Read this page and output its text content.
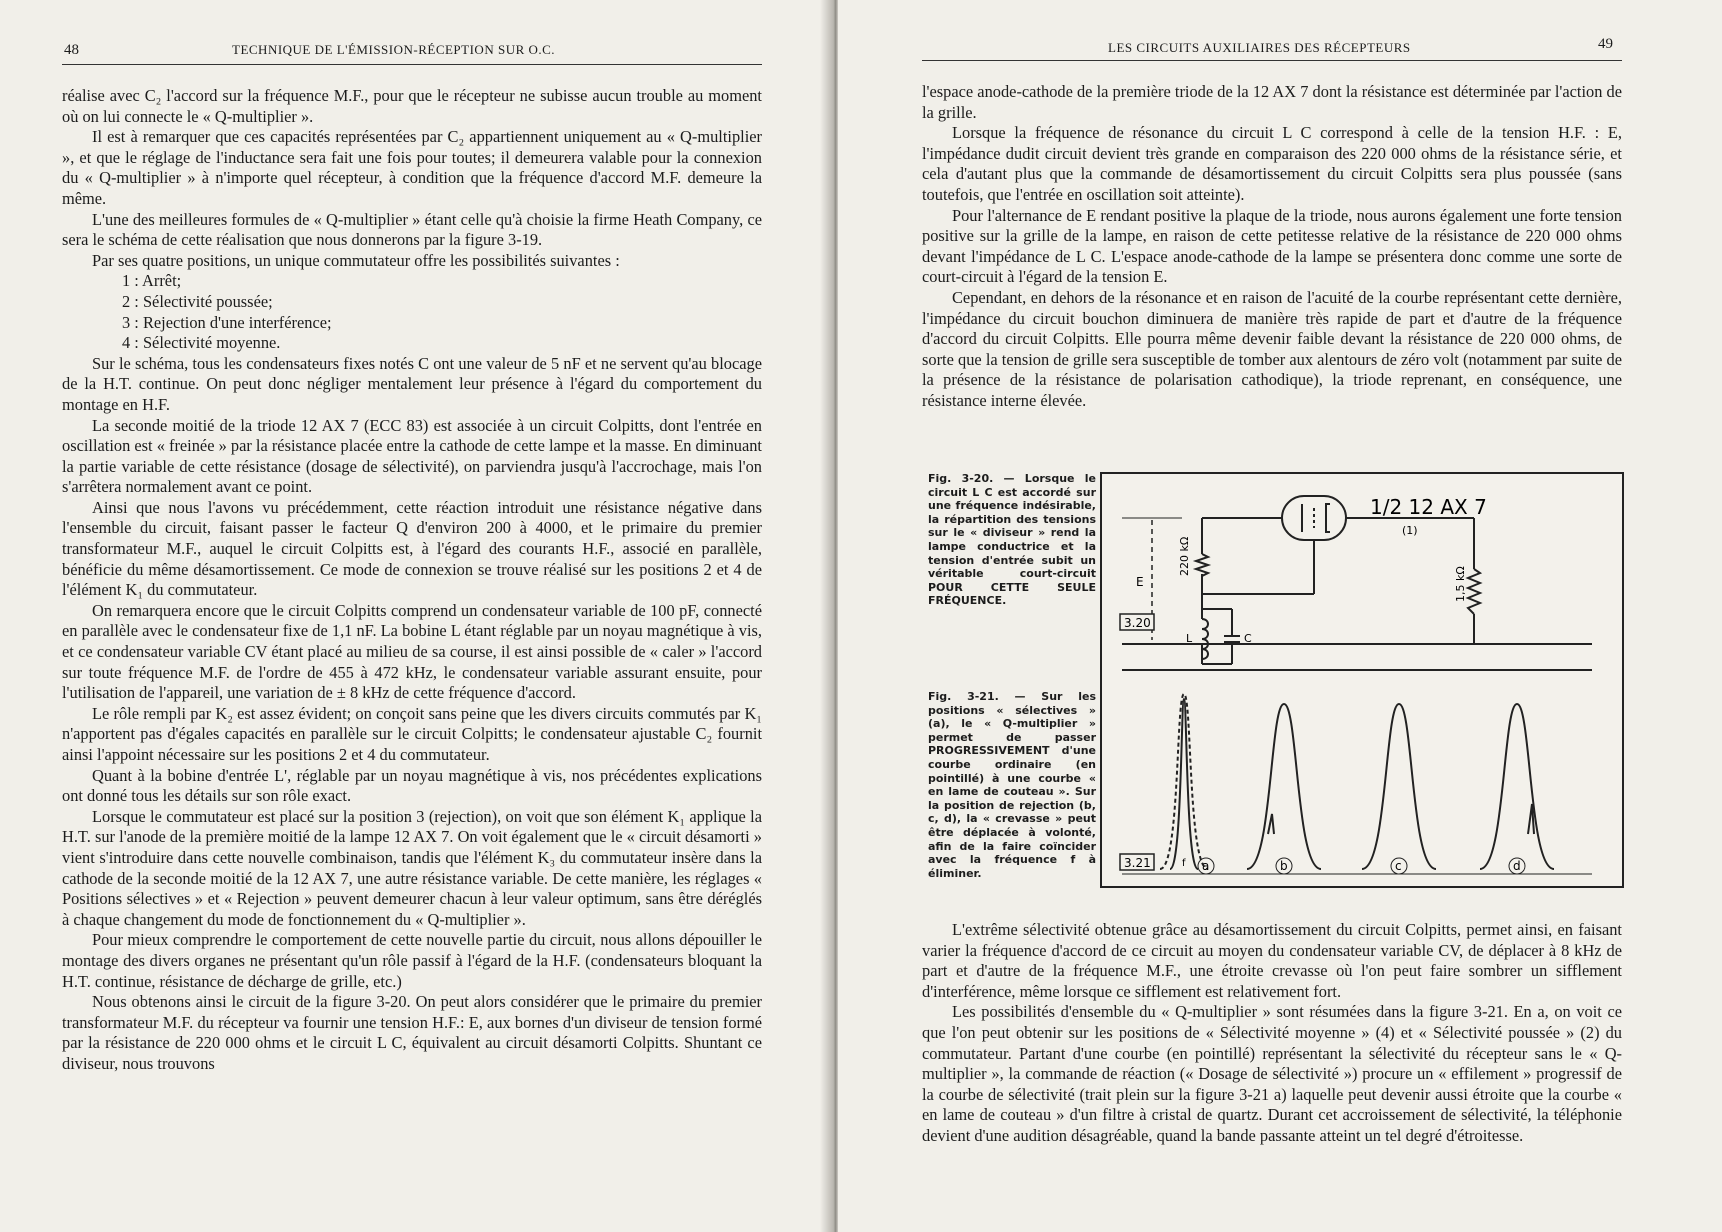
48	TECHNIQUE DE L'ÉMISSION-RÉCEPTION SUR O.C.

réalise avec C₂ l'accord sur la fréquence M.F., pour que le récepteur ne subisse aucun trouble au moment où on lui connecte le « Q-multiplier ».

Il est à remarquer que ces capacités représentées par C₂ appartiennent uniquement au « Q-multiplier », et que le réglage de l'inductance sera fait une fois pour toutes; il demeurera valable pour la connexion du « Q-multiplier » à n'importe quel récepteur, à condition que la fréquence d'accord M.F. demeure la même.

L'une des meilleures formules de « Q-multiplier » étant celle qu'à choisie la firme Heath Company, ce sera le schéma de cette réalisation que nous donnerons par la figure 3-19.

Par ses quatre positions, un unique commutateur offre les possibilités suivantes :

1 : Arrêt;
2 : Sélectivité poussée;
3 : Rejection d'une interférence;
4 : Sélectivité moyenne.

Sur le schéma, tous les condensateurs fixes notés C ont une valeur de 5 nF et ne servent qu'au blocage de la H.T. continue. On peut donc négliger mentalement leur présence à l'égard du comportement du montage en H.F.

La seconde moitié de la triode 12 AX 7 (ECC 83) est associée à un circuit Colpitts, dont l'entrée en oscillation est « freinée » par la résistance placée entre la cathode de cette lampe et la masse. En diminuant la partie variable de cette résistance (dosage de sélectivité), on parviendra jusqu'à l'accrochage, mais l'on s'arrêtera normalement avant ce point.

Ainsi que nous l'avons vu précédemment, cette réaction introduit une résistance négative dans l'ensemble du circuit, faisant passer le facteur Q d'environ 200 à 4000, et le primaire du premier transformateur M.F., auquel le circuit Colpitts est, à l'égard des courants H.F., associé en parallèle, bénéficie du même désamortissement. Ce mode de connexion se trouve réalisé sur les positions 2 et 4 de l'élément K₁ du commutateur.

On remarquera encore que le circuit Colpitts comprend un condensateur variable de 100 pF, connecté en parallèle avec le condensateur fixe de 1,1 nF. La bobine L étant réglable par un noyau magnétique à vis, et ce condensateur variable CV étant placé au milieu de sa course, il est ainsi possible de « caler » l'accord sur toute fréquence M.F. de l'ordre de 455 à 472 kHz, le condensateur variable assurant ensuite, pour l'utilisation de l'appareil, une variation de ± 8 kHz de cette fréquence d'accord.

Le rôle rempli par K₂ est assez évident; on conçoit sans peine que les divers circuits commutés par K₁ n'apportent pas d'égales capacités en parallèle sur le circuit Colpitts; le condensateur ajustable C₂ fournit ainsi l'appoint nécessaire sur les positions 2 et 4 du commutateur.

Quant à la bobine d'entrée L', réglable par un noyau magnétique à vis, nos précédentes explications ont donné tous les détails sur son rôle exact.

Lorsque le commutateur est placé sur la position 3 (rejection), on voit que son élément K₁ applique la H.T. sur l'anode de la première moitié de la lampe 12 AX 7. On voit également que le « circuit désamorti » vient s'introduire dans cette nouvelle combinaison, tandis que l'élément K₃ du commutateur insère dans la cathode de la seconde moitié de la 12 AX 7, une autre résistance variable. De cette manière, les réglages « Positions sélectives » et « Rejection » peuvent demeurer chacun à leur valeur optimum, sans être déréglés à chaque changement du mode de fonctionnement du « Q-multiplier ».

Pour mieux comprendre le comportement de cette nouvelle partie du circuit, nous allons dépouiller le montage des divers organes ne présentant qu'un rôle passif à l'égard de la H.F. (condensateurs bloquant la H.T. continue, résistance de décharge de grille, etc.)

Nous obtenons ainsi le circuit de la figure 3-20. On peut alors considérer que le primaire du premier transformateur M.F. du récepteur va fournir une tension H.F.: E, aux bornes d'un diviseur de tension formé par la résistance de 220 000 ohms et le circuit L C, équivalent au circuit désamorti Colpitts. Shuntant ce diviseur, nous trouvons

LES CIRCUITS AUXILIAIRES DES RÉCEPTEURS	49

l'espace anode-cathode de la première triode de la 12 AX 7 dont la résistance est déterminée par l'action de la grille.

Lorsque la fréquence de résonance du circuit L C correspond à celle de la tension H.F. : E, l'impédance dudit circuit devient très grande en comparaison des 220 000 ohms de la résistance série, et cela d'autant plus que la commande de désamortissement du circuit Colpitts sera plus poussée (sans toutefois, que l'entrée en oscillation soit atteinte).

Pour l'alternance de E rendant positive la plaque de la triode, nous aurons également une forte tension positive sur la grille de la lampe, en raison de cette petitesse relative de la résistance de 220 000 ohms devant l'impédance de L C. L'espace anode-cathode de la lampe se présentera donc comme une sorte de court-circuit à l'égard de la tension E.

Cependant, en dehors de la résonance et en raison de l'acuité de la courbe représentant cette dernière, l'impédance du circuit bouchon diminuera de manière très rapide de part et d'autre de la fréquence d'accord du circuit Colpitts. Elle pourra même devenir faible devant la résistance de 220 000 ohms, de sorte que la tension de grille sera susceptible de tomber aux alentours de zéro volt (notamment par suite de la présence de la résistance de polarisation cathodique), la triode reprenant, en conséquence, une résistance interne élevée.

Fig. 3-20. — Lorsque le circuit L C est accordé sur une fréquence indésirable, la répartition des tensions sur le « diviseur » rend la lampe conductrice et la tension d'entrée subit un véritable court-circuit POUR CETTE SEULE FRÉQUENCE.

Fig. 3-21. — Sur les positions « sélectives » (a), le « Q-multiplier » permet de passer PROGRESSIVEMENT d'une courbe ordinaire (en pointillé) à une courbe « en lame de couteau ». Sur la position de rejection (b, c, d), la « crevasse » peut être déplacée à volonté, afin de la faire coïncider avec la fréquence f à éliminer.

L'extrême sélectivité obtenue grâce au désamortissement du circuit Colpitts, permet ainsi, en faisant varier la fréquence d'accord de ce circuit au moyen du condensateur variable CV, de déplacer à 8 kHz de part et d'autre de la fréquence M.F., une étroite crevasse où l'on peut faire sombrer un sifflement d'interférence, même lorsque ce sifflement est relativement fort.

Les possibilités d'ensemble du « Q-multiplier » sont résumées dans la figure 3-21. En a, on voit ce que l'on peut obtenir sur les positions de « Sélectivité moyenne » (4) et « Sélectivité poussée » (2) du commutateur. Partant d'une courbe (en pointillé) représentant la sélectivité du récepteur sans le « Q-multiplier », la commande de réaction (« Dosage de sélectivité ») procure un « effilement » progressif de la courbe de sélectivité (trait plein sur la figure 3-21 a) laquelle peut devenir aussi étroite que la courbe « en lame de couteau » d'un filtre à cristal de quartz. Durant cet accroissement de sélectivité, la téléphonie devient d'une audition désagréable, quand la bande passante atteint un tel degré d'étroitesse.

1/2 12 AX 7
(1)
220 kΩ
1,5 kΩ
E
L	C
3.20
f a	b	c	d
3.21
